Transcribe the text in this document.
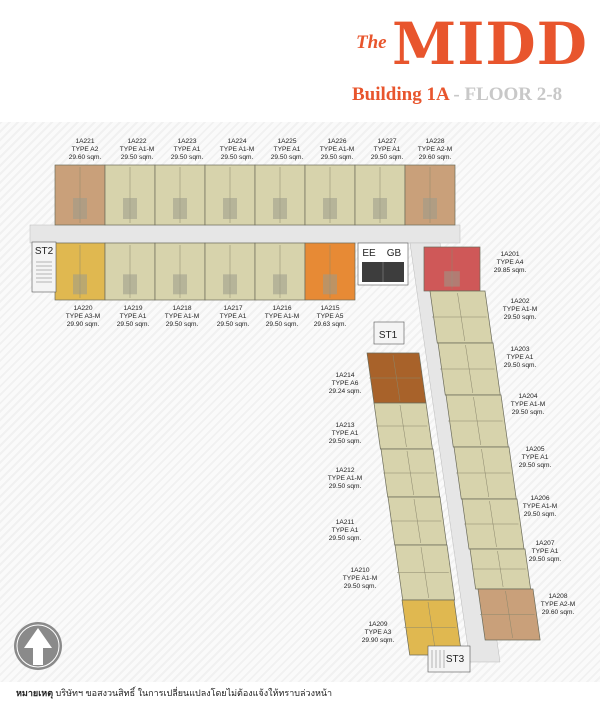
The MIDD
Building 1A - FLOOR 2-8
ST2	EE GB
ST1
ST3
1A221
TYPE A2
29.60 sqm.
1A222
TYPE A1-M
29.50 sqm.
1A223
TYPE A1
29.50 sqm.
1A224
TYPE A1-M
29.50 sqm.
1A225
TYPE A1
29.50 sqm.
1A226
TYPE A1-M
29.50 sqm.
1A227
TYPE A1
29.50 sqm.
1A228
TYPE A2-M
29.60 sqm.
1A220
TYPE A3-M
29.90 sqm.
1A219
TYPE A1
29.50 sqm.
1A218
TYPE A1-M
29.50 sqm.
1A217
TYPE A1
29.50 sqm.
1A216
TYPE A1-M
29.50 sqm.
1A215
TYPE A5
29.63 sqm.
1A214
TYPE A6
29.24 sqm.
1A213
TYPE A1
29.50 sqm.
1A212
TYPE A1-M
29.50 sqm.
1A211
TYPE A1
29.50 sqm.
1A210
TYPE A1-M
29.50 sqm.
1A209
TYPE A3
29.90 sqm.
1A201
TYPE A4
29.85 sqm.
1A202
TYPE A1-M
29.50 sqm.
1A203
TYPE A1
29.50 sqm.
1A204
TYPE A1-M
29.50 sqm.
1A205
TYPE A1
29.50 sqm.
1A206
TYPE A1-M
29.50 sqm.
1A207
TYPE A1
29.50 sqm.
1A208
TYPE A2-M
29.60 sqm.
หมายเหตุ บริษัทฯ ขอสงวนสิทธิ์ ในการเปลี่ยนแปลงโดยไม่ต้องแจ้งให้ทราบล่วงหน้า
